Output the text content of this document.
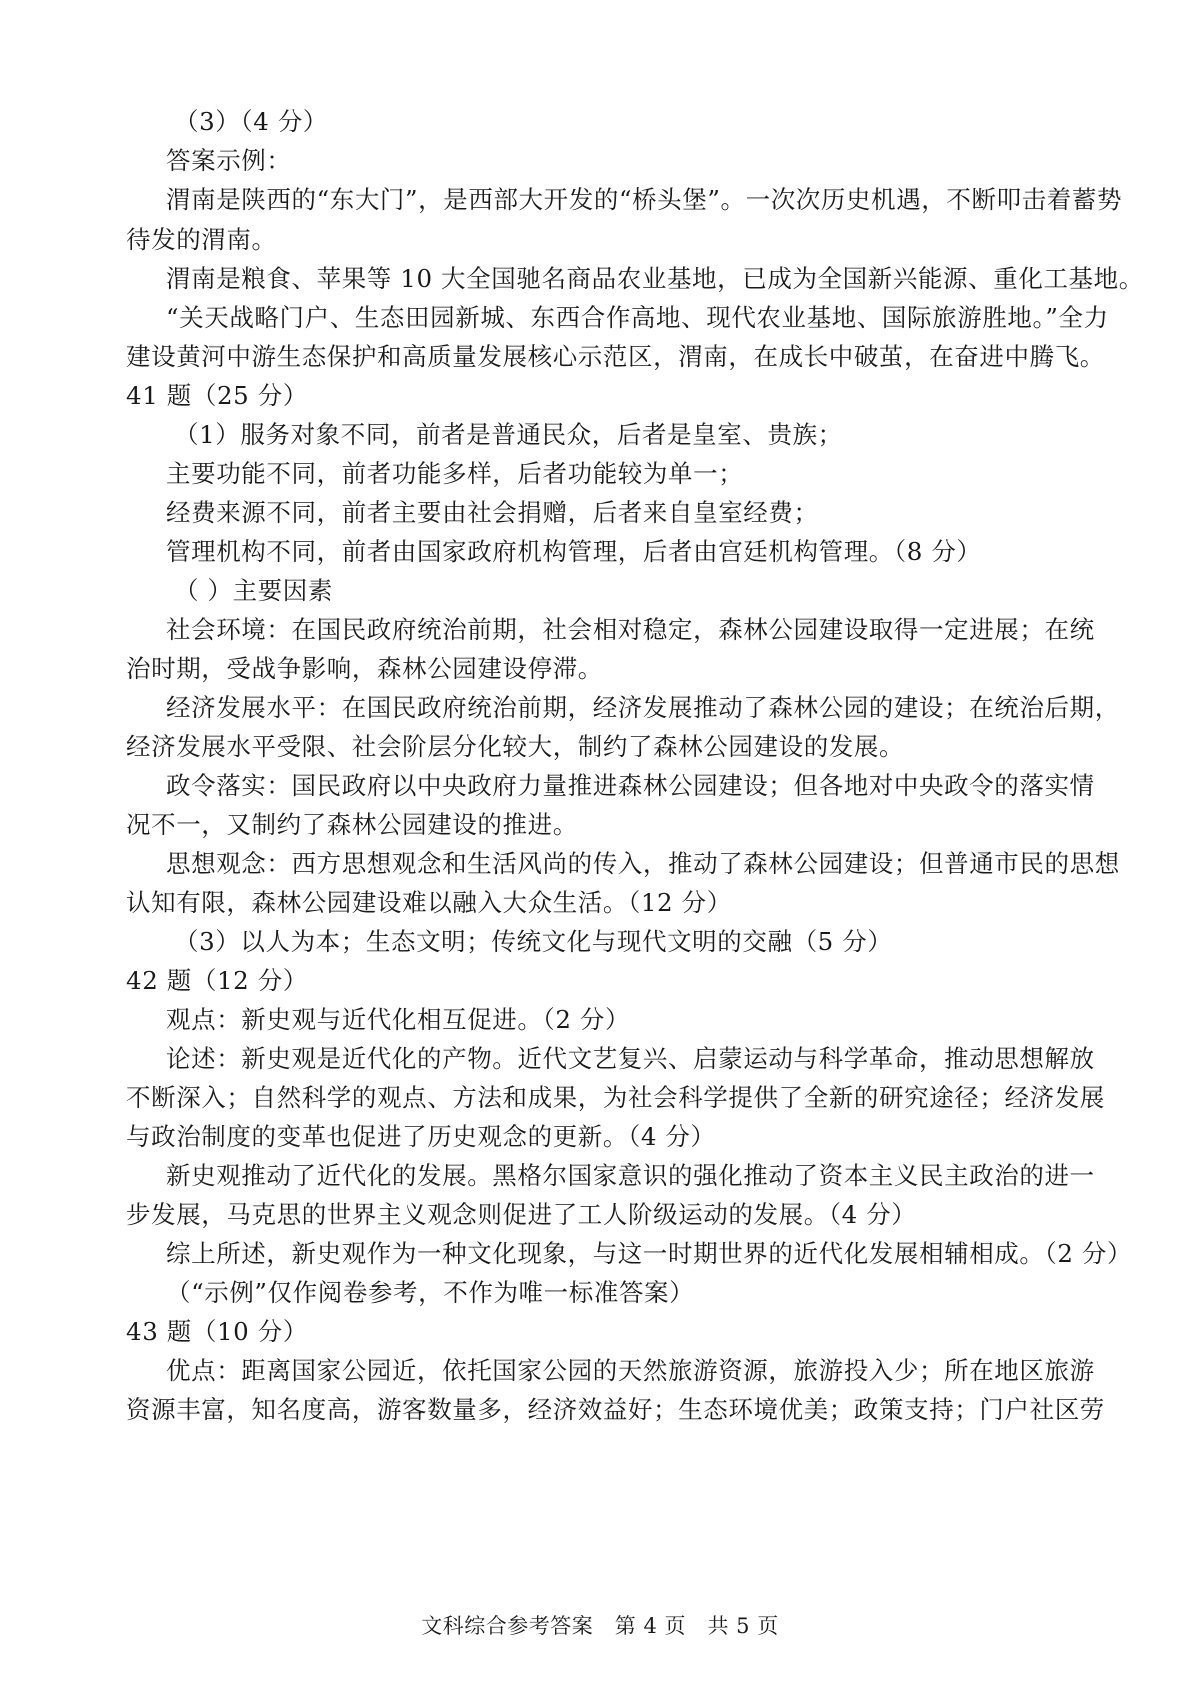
（3）（4 分）
答案示例：
渭南是陕西的“东大门”，是西部大开发的“桥头堡”。一次次历史机遇，不断叩击着蓄势
待发的渭南。
渭南是粮食、苹果等 10 大全国驰名商品农业基地，已成为全国新兴能源、重化工基地。
“关天战略门户、生态田园新城、东西合作高地、现代农业基地、国际旅游胜地。”全力
建设黄河中游生态保护和高质量发展核心示范区，渭南，在成长中破茧，在奋进中腾飞。
41 题（25 分）
（1）服务对象不同，前者是普通民众，后者是皇室、贵族；
主要功能不同，前者功能多样，后者功能较为单一；
经费来源不同，前者主要由社会捐赠，后者来自皇室经费；
管理机构不同，前者由国家政府机构管理，后者由宫廷机构管理。（8 分）
（ ）主要因素
社会环境：在国民政府统治前期，社会相对稳定，森林公园建设取得一定进展；在统
治时期，受战争影响，森林公园建设停滞。
经济发展水平：在国民政府统治前期，经济发展推动了森林公园的建设；在统治后期，
经济发展水平受限、社会阶层分化较大，制约了森林公园建设的发展。
政令落实：国民政府以中央政府力量推进森林公园建设；但各地对中央政令的落实情
况不一，又制约了森林公园建设的推进。
思想观念：西方思想观念和生活风尚的传入，推动了森林公园建设；但普通市民的思想
认知有限，森林公园建设难以融入大众生活。（12 分）
（3）以人为本；生态文明；传统文化与现代文明的交融（5 分）
42 题（12 分）
观点：新史观与近代化相互促进。（2 分）
论述：新史观是近代化的产物。近代文艺复兴、启蒙运动与科学革命，推动思想解放
不断深入；自然科学的观点、方法和成果，为社会科学提供了全新的研究途径；经济发展
与政治制度的变革也促进了历史观念的更新。（4 分）
新史观推动了近代化的发展。黑格尔国家意识的强化推动了资本主义民主政治的进一
步发展，马克思的世界主义观念则促进了工人阶级运动的发展。（4 分）
综上所述，新史观作为一种文化现象，与这一时期世界的近代化发展相辅相成。（2 分）
（“示例”仅作阅卷参考，不作为唯一标准答案）
43 题（10 分）
优点：距离国家公园近，依托国家公园的天然旅游资源，旅游投入少；所在地区旅游
资源丰富，知名度高，游客数量多，经济效益好；生态环境优美；政策支持；门户社区劳
文科综合参考答案　第 4 页　共 5 页
